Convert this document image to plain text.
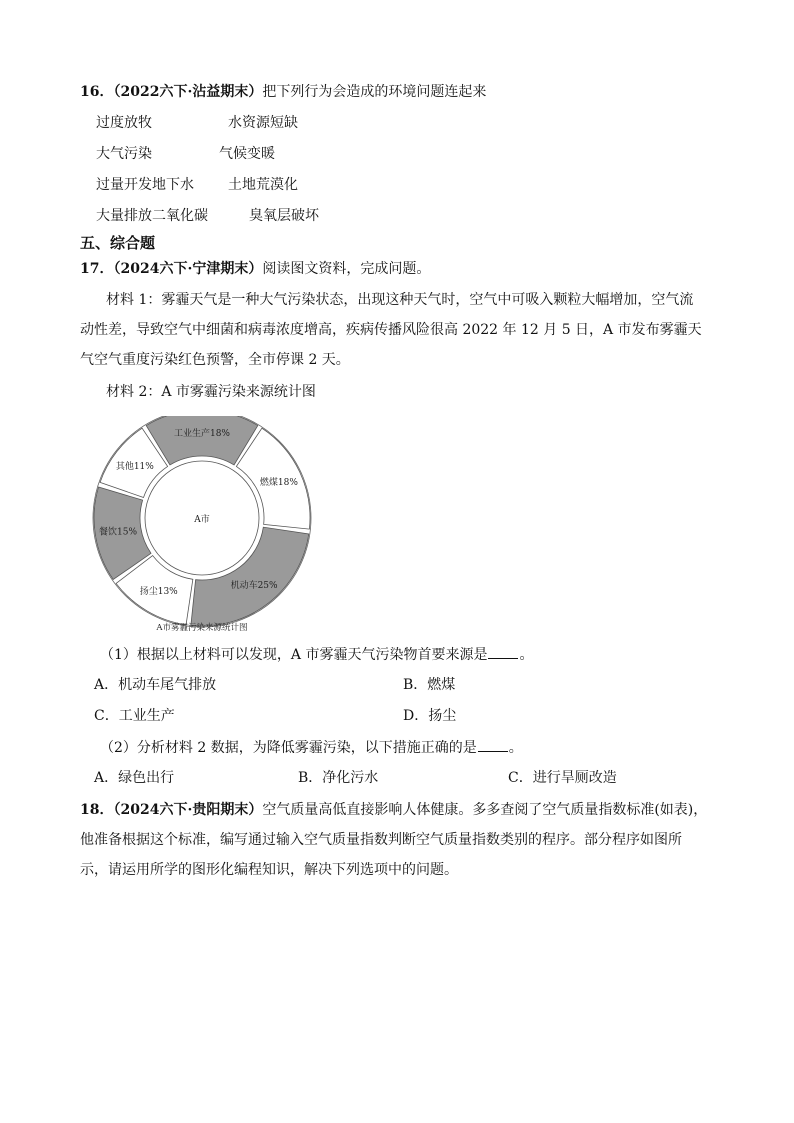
16．（2022六下·沾益期末）把下列行为会造成的环境问题连起来
过度放牧	水资源短缺
大气污染	气候变暖
过量开发地下水 土地荒漠化
大量排放二氧化碳	臭氧层破坏
五、综合题
17．（2024六下·宁津期末）阅读图文资料，完成问题。
材料 1：雾霾天气是一种大气污染状态，出现这种天气时，空气中可吸入颗粒大幅增加，空气流
动性差，导致空气中细菌和病毒浓度增高，疾病传播风险很高 2022 年 12 月 5 日，A 市发布雾霾天
气空气重度污染红色预警，全市停课 2 天。
材料 2：A 市雾霾污染来源统计图
工业生产18%
燃煤18%
机动车25%
扬尘13%
餐饮15%
其他11%
A市
A市雾霾污染来源统计图
（1）根据以上材料可以发现，A 市雾霾天气污染物首要来源是 。
A．机动车尾气排放	B．燃煤
C．工业生产	D．扬尘
（2）分析材料 2 数据，为降低雾霾污染，以下措施正确的是 。
A．绿色出行	B．净化污水	C．进行旱厕改造
18．（2024六下·贵阳期末）空气质量高低直接影响人体健康。多多查阅了空气质量指数标准(如表)，
他准备根据这个标准，编写通过输入空气质量指数判断空气质量指数类别的程序。部分程序如图所
示，请运用所学的图形化编程知识，解决下列选项中的问题。
